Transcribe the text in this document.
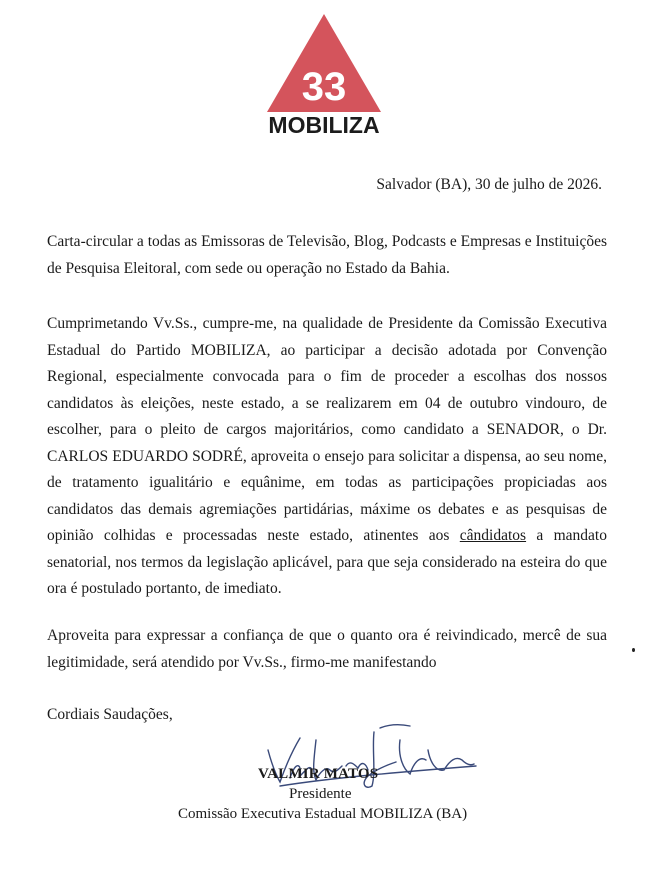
33
MOBILIZA
Salvador (BA), 30 de julho de 2026.

Carta-circular a todas as Emissoras de Televisão, Blog, Podcasts e Empresas e Instituições de Pesquisa Eleitoral, com sede ou operação no Estado da Bahia.

Cumprimetando Vv.Ss., cumpre-me, na qualidade de Presidente da Comissão Executiva Estadual do Partido MOBILIZA, ao participar a decisão adotada por Convenção Regional, especialmente convocada para o fim de proceder a escolhas dos nossos candidatos às eleições, neste estado, a se realizarem em 04 de outubro vindouro, de escolher, para o pleito de cargos majoritários, como candidato a SENADOR, o Dr. CARLOS EDUARDO SODRÉ, aproveita o ensejo para solicitar a dispensa, ao seu nome, de tratamento igualitário e equânime, em todas as participações propiciadas aos candidatos das demais agremiações partidárias, máxime os debates e as pesquisas de opinião colhidas e processadas neste estado, atinentes aos cândidatos a mandato senatorial, nos termos da legislação aplicável, para que seja considerado na esteira do que ora é postulado portanto, de imediato.

Aproveita para expressar a confiança de que o quanto ora é reivindicado, mercê de sua legitimidade, será atendido por Vv.Ss., firmo-me manifestando

Cordiais Saudações,
VALMIR MATOS
Presidente
Comissão Executiva Estadual MOBILIZA (BA)
